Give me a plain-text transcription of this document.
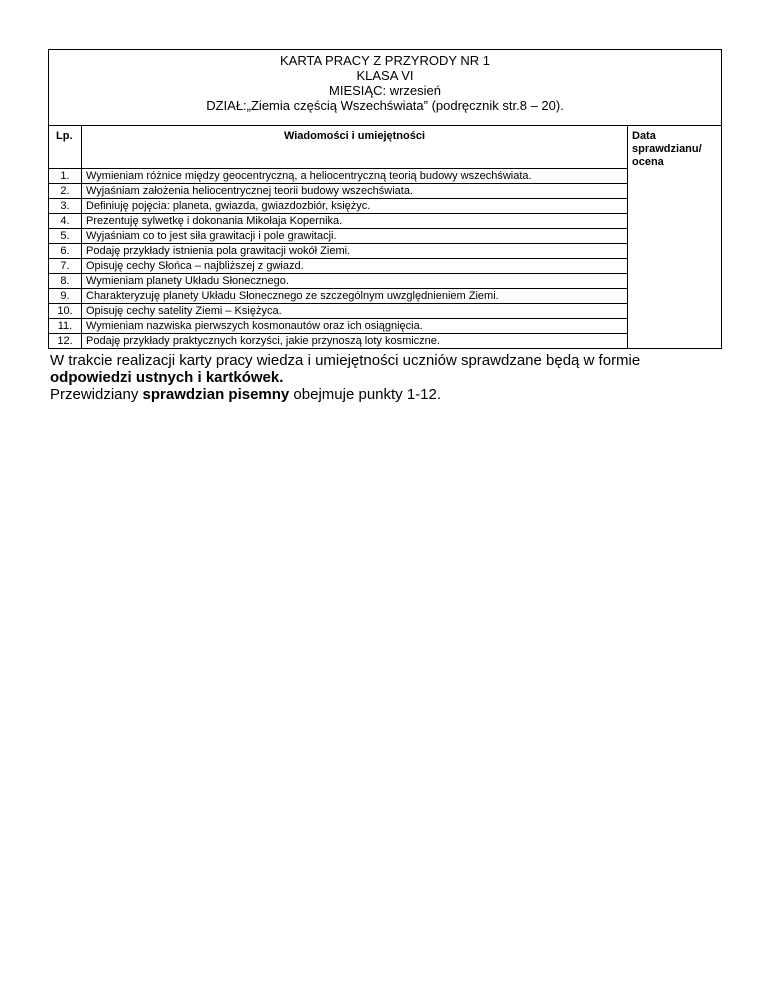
KARTA PRACY Z PRZYRODY NR 1
KLASA VI
MIESIĄC: wrzesień
DZIAŁ:„Ziemia częścią Wszechświata” (podręcznik str.8 – 20).		

Lp.	Wiadomości i umiejętności	Data
sprawdzianu/
ocena

1.	Wymieniam różnice między geocentryczną, a heliocentryczną teorią budowy wszechświata.	
2.	Wyjaśniam założenia heliocentrycznej teorii budowy wszechświata.	
3.	Definiuję pojęcia: planeta, gwiazda, gwiazdozbiór, księżyc.	
4.	Prezentuję sylwetkę i dokonania Mikołaja Kopernika.	
5.	Wyjaśniam co to jest siła grawitacji i pole grawitacji.	
6.	Podaję przykłady istnienia pola grawitacji wokół Ziemi.	
7.	Opisuję cechy Słońca – najbliższej z gwiazd.	
8.	Wymieniam planety Układu Słonecznego.	
9.	Charakteryzuję planety Układu Słonecznego ze szczególnym uwzględnieniem Ziemi.	
10.	Opisuję cechy satelity Ziemi – Księżyca.	
11.	Wymieniam nazwiska pierwszych kosmonautów oraz ich osiągnięcia.	
12.	Podaję przykłady praktycznych korzyści, jakie przynoszą loty kosmiczne.	
W trakcie realizacji karty pracy wiedza i umiejętności uczniów sprawdzane będą w formie
odpowiedzi ustnych i kartkówek.
Przewidziany sprawdzian pisemny obejmuje punkty 1-12.
